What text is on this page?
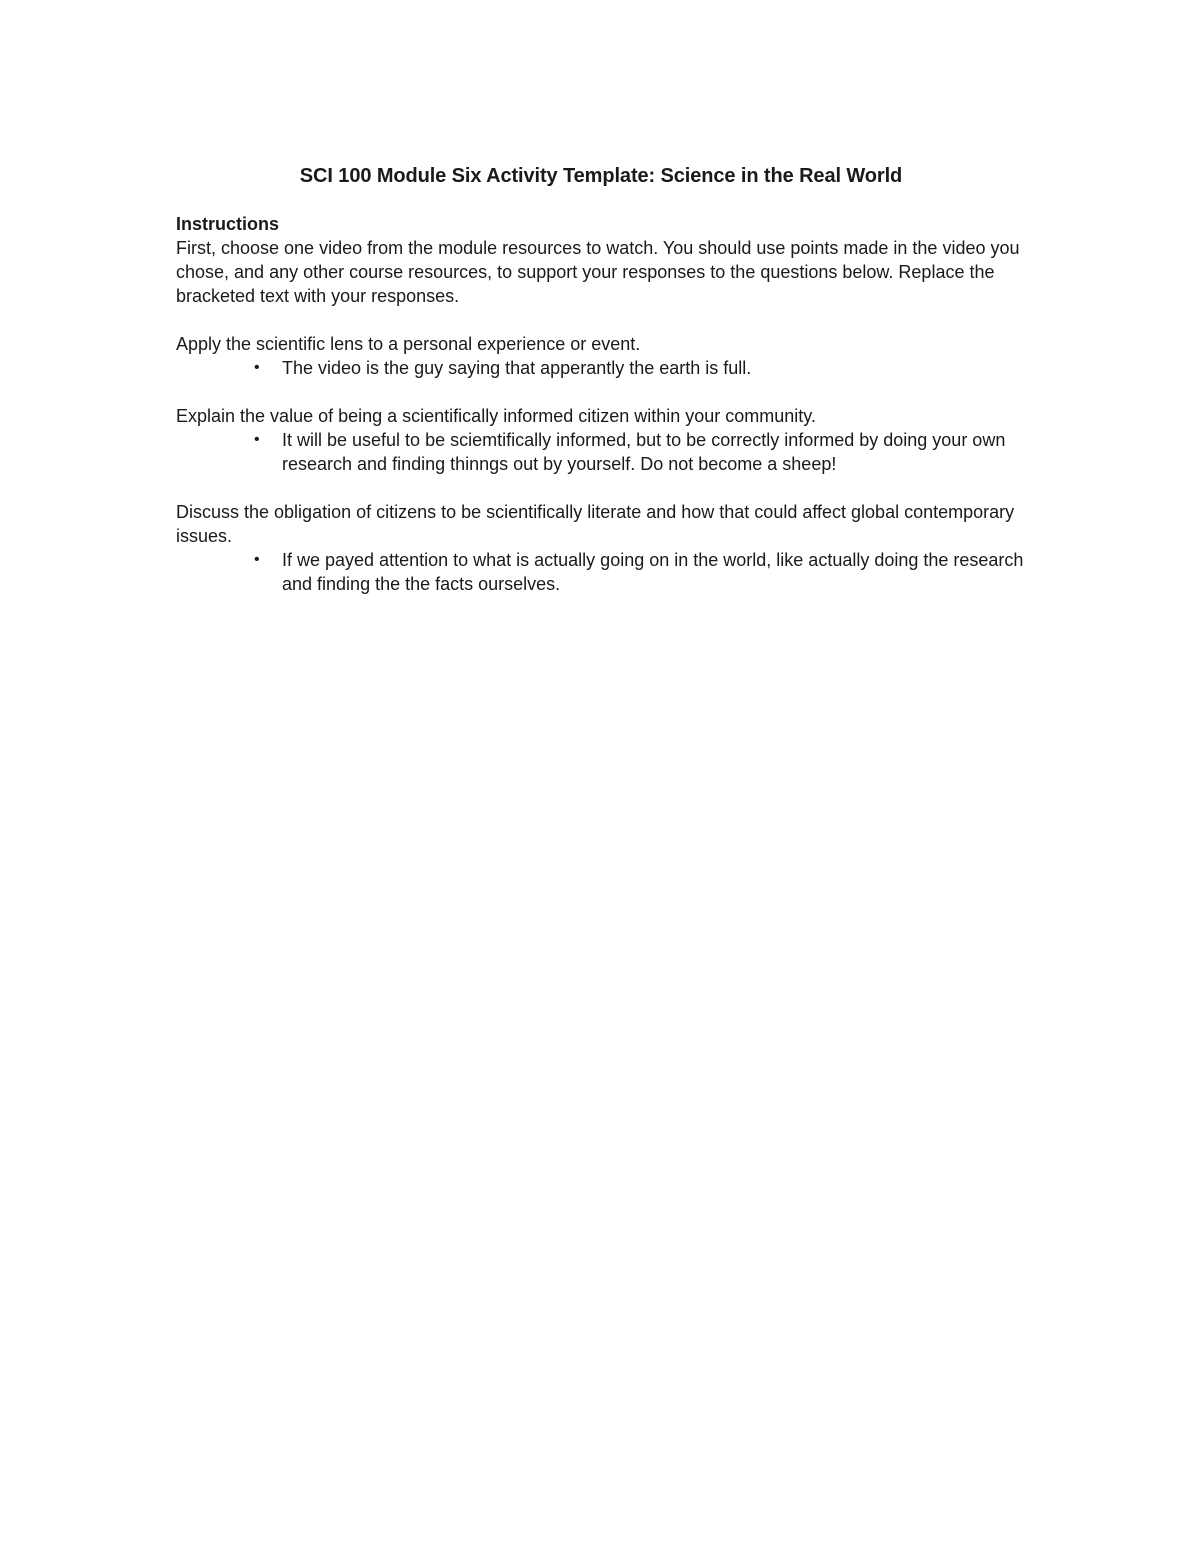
SCI 100 Module Six Activity Template: Science in the Real World

Instructions

First, choose one video from the module resources to watch. You should use points made in the video you chose, and any other course resources, to support your responses to the questions below. Replace the bracketed text with your responses.

Apply the scientific lens to a personal experience or event.

• The video is the guy saying that apperantly the earth is full.

Explain the value of being a scientifically informed citizen within your community.

• It will be useful to be sciemtifically informed, but to be correctly informed by doing your own research and finding thinngs out by yourself. Do not become a sheep!

Discuss the obligation of citizens to be scientifically literate and how that could affect global contemporary issues.

• If we payed attention to what is actually going on in the world, like actually doing the research and finding the the facts ourselves.
